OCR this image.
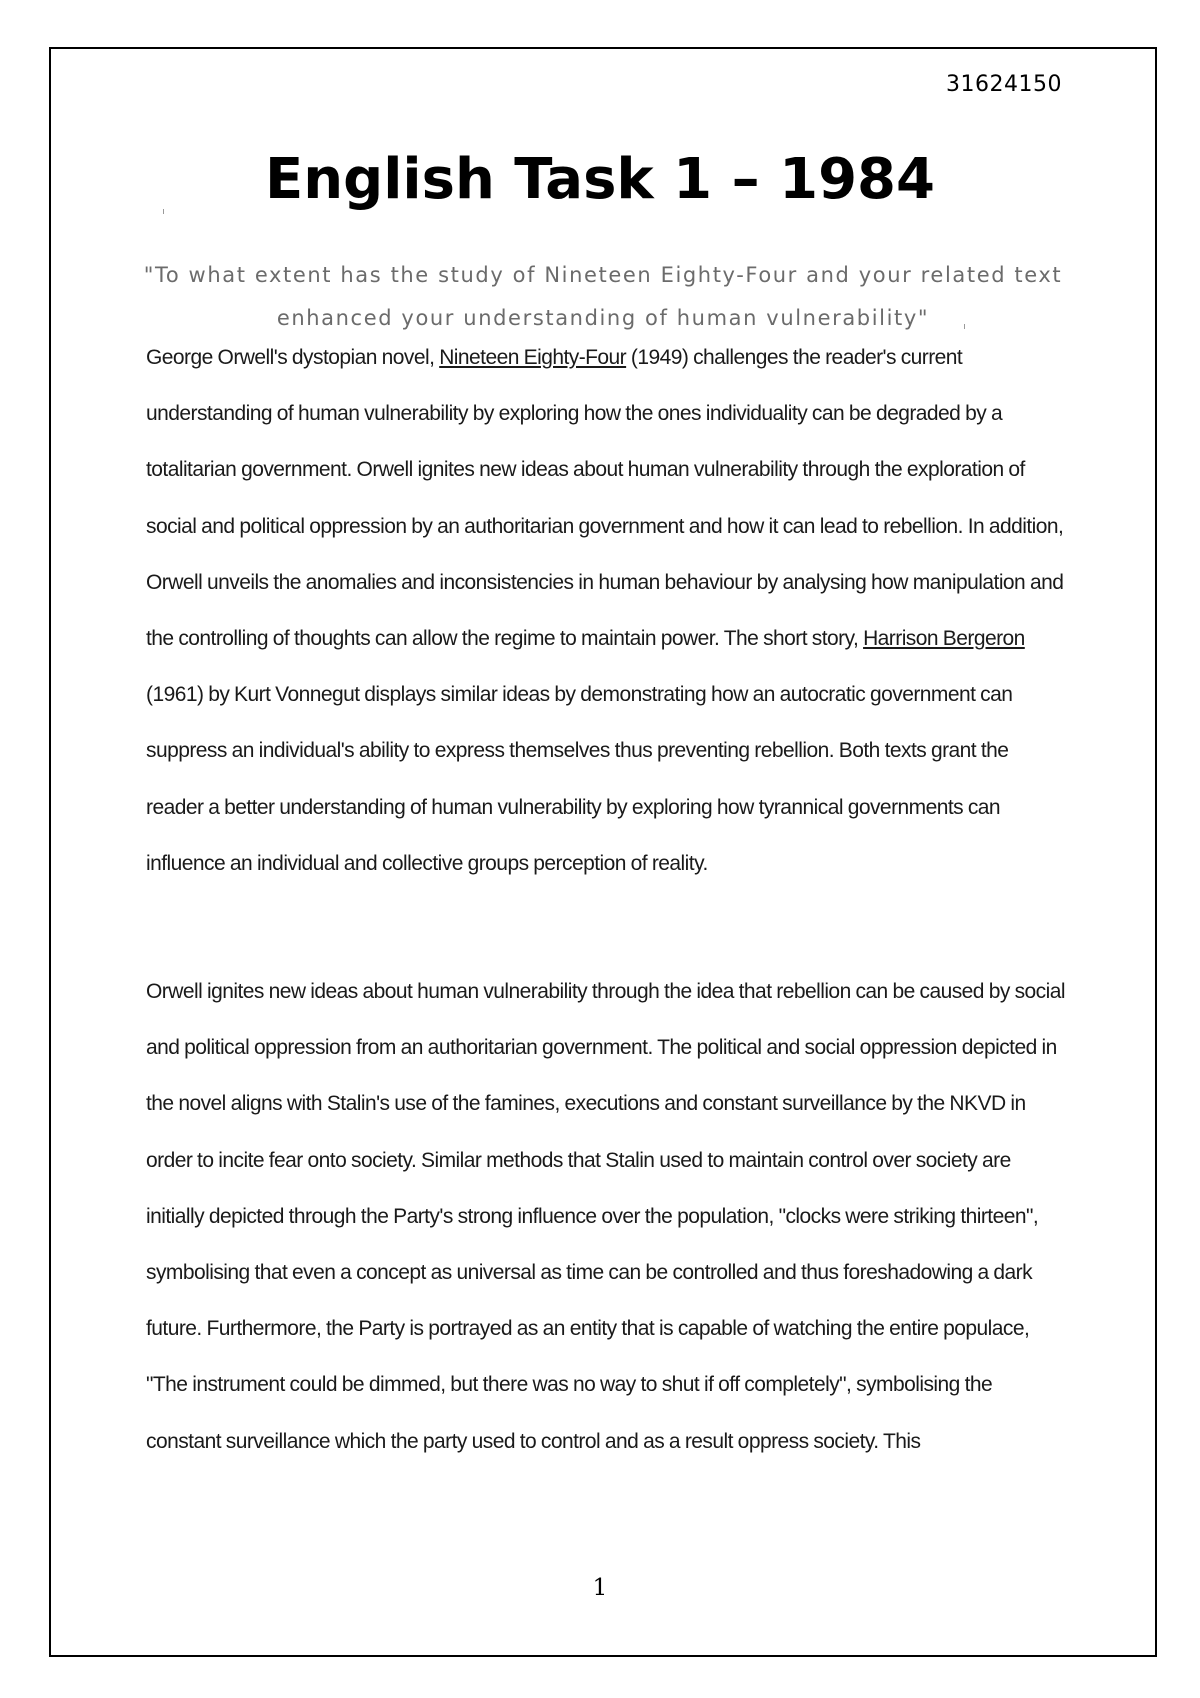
31624150
English Task 1 – 1984

"To what extent has the study of Nineteen Eighty-Four and your related text enhanced your understanding of human vulnerability"

George Orwell's dystopian novel, Nineteen Eighty-Four (1949) challenges the reader's current understanding of human vulnerability by exploring how the ones individuality can be degraded by a totalitarian government. Orwell ignites new ideas about human vulnerability through the exploration of social and political oppression by an authoritarian government and how it can lead to rebellion. In addition, Orwell unveils the anomalies and inconsistencies in human behaviour by analysing how manipulation and the controlling of thoughts can allow the regime to maintain power. The short story, Harrison Bergeron (1961) by Kurt Vonnegut displays similar ideas by demonstrating how an autocratic government can suppress an individual's ability to express themselves thus preventing rebellion. Both texts grant the reader a better understanding of human vulnerability by exploring how tyrannical governments can influence an individual and collective groups perception of reality.

Orwell ignites new ideas about human vulnerability through the idea that rebellion can be caused by social and political oppression from an authoritarian government. The political and social oppression depicted in the novel aligns with Stalin's use of the famines, executions and constant surveillance by the NKVD in order to incite fear onto society. Similar methods that Stalin used to maintain control over society are initially depicted through the Party's strong influence over the population, "clocks were striking thirteen", symbolising that even a concept as universal as time can be controlled and thus foreshadowing a dark future. Furthermore, the Party is portrayed as an entity that is capable of watching the entire populace, "The instrument could be dimmed, but there was no way to shut if off completely", symbolising the constant surveillance which the party used to control and as a result oppress society. This

1
